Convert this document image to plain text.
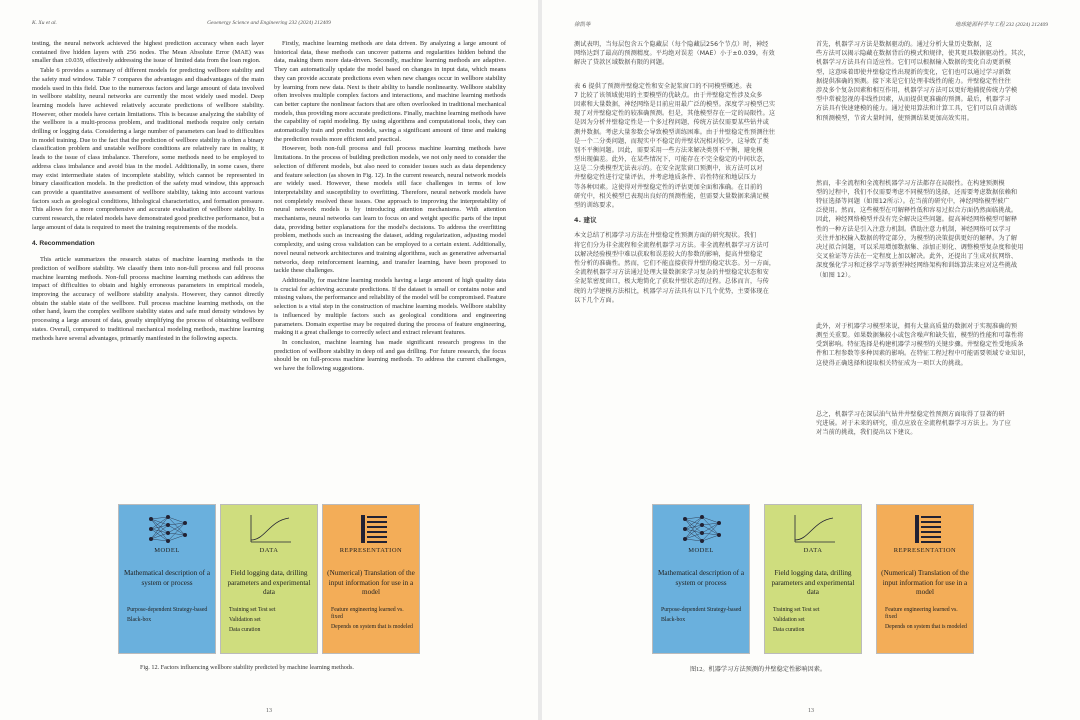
K. Xu et al.	Geoenergy Science and Engineering 232 (2024) 212409

testing, the neural network achieved the highest prediction accuracy when each layer contained five hidden layers with 256 nodes. The Mean Absolute Error (MAE) was smaller than ±0.039, effectively addressing the issue of limited data from the loan region.

Table 6 provides a summary of different models for predicting wellbore stability and the safety mud window. Table 7 compares the advantages and disadvantages of the main models used in this field. Due to the numerous factors and large amount of data involved in wellbore stability, neural networks are currently the most widely used model. Deep learning models have achieved relatively accurate predictions of wellbore stability. However, other models have certain limitations. This is because analyzing the stability of the wellbore is a multi-process problem, and traditional methods require only certain drilling or logging data. Considering a large number of parameters can lead to difficulties in model training. Due to the fact that the prediction of wellbore stability is often a binary classification problem and unstable wellbore conditions are relatively rare in reality, it leads to the issue of class imbalance. Therefore, some methods need to be employed to address class imbalance and avoid bias in the model. Additionally, in some cases, there may exist intermediate states of incomplete stability, which cannot be represented in binary classification models. In the prediction of the safety mud window, this approach can provide a quantitative assessment of wellbore stability, taking into account various factors such as geological conditions, lithological characteristics, and formation pressure. This allows for a more comprehensive and accurate evaluation of wellbore stability. In current research, the related models have demonstrated good predictive performance, but a large amount of data is required to meet the training requirements of the models.

4. Recommendation

This article summarizes the research status of machine learning methods in the prediction of wellbore stability. We classify them into non-full process and full process machine learning methods. Non-full process machine learning methods can address the impact of difficulties to obtain and highly erroneous parameters in empirical models, improving the accuracy of wellbore stability analysis. However, they cannot directly obtain the stable state of the wellbore. Full process machine learning methods, on the other hand, learn the complex wellbore stability states and safe mud density windows by processing a large amount of data, greatly simplifying the process of obtaining wellbore states. Overall, compared to traditional mechanical modeling methods, machine learning methods have several advantages, primarily manifested in the following aspects.

Firstly, machine learning methods are data driven. By analyzing a large amount of historical data, these methods can uncover patterns and regularities hidden behind the data, making them more data-driven. Secondly, machine learning methods are adaptive. They can automatically update the model based on changes in input data, which means they can provide accurate predictions even when new changes occur in wellbore stability by learning from new data. Next is their ability to handle nonlinearity. Wellbore stability often involves multiple complex factors and interactions, and machine learning methods can better capture the nonlinear factors that are often overlooked in traditional mechanical models, thus providing more accurate predictions. Finally, machine learning methods have the capability of rapid modeling. By using algorithms and computational tools, they can automatically train and predict models, saving a significant amount of time and making the prediction results more efficient and practical.

However, both non-full process and full process machine learning methods have limitations. In the process of building prediction models, we not only need to consider the selection of different models, but also need to consider issues such as data dependency and feature selection (as shown in Fig. 12). In the current research, neural network models are widely used. However, these models still face challenges in terms of low interpretability and susceptibility to overfitting. Therefore, neural network models have not completely resolved these issues. One approach to improving the interpretability of neural network models is by introducing attention mechanisms. With attention mechanisms, neural networks can learn to focus on and weight specific parts of the input data, providing better explanations for the model's decisions. To address the overfitting problem, methods such as increasing the dataset, adding regularization, adjusting model complexity, and using cross validation can be employed to a certain extent. Additionally, novel neural network architectures and training algorithms, such as generative adversarial networks, deep reinforcement learning, and transfer learning, have been proposed to tackle these challenges.

Additionally, for machine learning models having a large amount of high quality data is crucial for achieving accurate predictions. If the dataset is small or contains noise and missing values, the performance and reliability of the model will be compromised. Feature selection is a vital step in the construction of machine learning models. Wellbore stability is influenced by multiple factors such as geological conditions and engineering parameters. Domain expertise may be required during the process of feature engineering, making it a great challenge to correctly select and extract relevant features.

In conclusion, machine learning has made significant research progress in the prediction of wellbore stability in deep oil and gas drilling. For future research, the focus should be on full-process machine learning methods. To address the current challenges, we have the following suggestions.

MODEL
Mathematical description of a system or process
Purpose-dependent Strategy-based
Black-box
DATA
Field logging data, drilling parameters and experimental data
Training set Test set
Validation set
Data curation
REPRESENTATION
(Numerical) Translation of the input information for use in a model
Feature engineering learned vs. fixed
Depends on system that is modeled
Fig. 12. Factors influencing wellbore stability predicted by machine learning methods.
13
徐凯等	地球能源科学与工程 232 (2024) 212409
测试表明，当每层包含五个隐藏层（每个隐藏层256个节点）时，神经
网络达到了最高的预测精度。平均绝对误差（MAE）小于±0.039，有效
解决了贷款区域数据有限的问题。
表 6 提供了预测井壁稳定性和安全泥浆窗口的不同模型概述。表
7 比较了该领域使用的主要模型的优缺点。由于井壁稳定性涉及众多
因素和大量数据，神经网络是目前应用最广泛的模型。深度学习模型已实
现了对井壁稳定性的较准确预测。但是，其他模型存在一定的局限性。这
是因为分析井壁稳定性是一个多过程问题，传统方法仅需要某些钻井或
测井数据。考虑大量参数会导致模型训练困难。由于井壁稳定性预测往往
是一个二分类问题，而现实中不稳定的井壁状况相对较少，这导致了类
别不平衡问题。因此，需要采用一些方法来解决类别不平衡，避免模
型出现偏差。此外，在某些情况下，可能存在不完全稳定的中间状态，
这是二分类模型无法表示的。在安全泥浆窗口预测中，该方法可以对
井壁稳定性进行定量评估，并考虑地质条件、岩性特征和地层压力
等各种因素。这使得对井壁稳定性的评估更加全面和准确。在目前的
研究中，相关模型已表现出良好的预测性能，但需要大量数据来满足模
型的训练要求。
4. 建议
本文总结了机器学习方法在井壁稳定性预测方面的研究现状。我们
将它们分为非全流程和全流程机器学习方法。非全流程机器学习方法可
以解决经验模型中难以获取和误差较大的参数的影响，提高井壁稳定
性分析的准确性。然而，它们不能直接获得井壁的稳定状态。另一方面，
全流程机器学习方法通过处理大量数据来学习复杂的井壁稳定状态和安
全泥浆密度窗口，极大地简化了获取井壁状态的过程。总体而言，与传
统的力学建模方法相比，机器学习方法具有以下几个优势，主要体现在
以下几个方面。
首先，机器学习方法是数据驱动的。通过分析大量历史数据，这
些方法可以揭示隐藏在数据背后的模式和规律，使其更具数据驱动性。其次，
机器学习方法具有自适应性。它们可以根据输入数据的变化自动更新模
型，这意味着即使井壁稳定性出现新的变化，它们也可以通过学习新数
据提供准确的预测。接下来是它们处理非线性的能力。井壁稳定性往往
涉及多个复杂因素和相互作用，机器学习方法可以更好地捕捉传统力学模
型中常被忽视的非线性因素，从而提供更准确的预测。最后，机器学习
方法具有快速建模的能力。通过使用算法和计算工具，它们可以自动训练
和预测模型，节省大量时间，使预测结果更加高效实用。
然而，非全流程和全流程机器学习方法都存在局限性。在构建预测模
型的过程中，我们不仅需要考虑不同模型的选择，还需要考虑数据依赖和
特征选择等问题（如图12所示）。在当前的研究中，神经网络模型被广
泛使用。然而，这些模型在可解释性低和容易过拟合方面仍然面临挑战。
因此，神经网络模型并没有完全解决这些问题。提高神经网络模型可解释
性的一种方法是引入注意力机制。借助注意力机制，神经网络可以学习
关注并加权输入数据的特定部分，为模型的决策提供更好的解释。为了解
决过拟合问题，可以采用增加数据集、添加正则化、调整模型复杂度和使用
交叉验证等方法在一定程度上加以解决。此外，还提出了生成对抗网络、
深度强化学习和迁移学习等新型神经网络架构和训练算法来应对这些挑战
（如图 12）。
此外，对于机器学习模型来说，拥有大量高质量的数据对于实现准确的预
测至关重要。如果数据集较小或包含噪声和缺失值，模型的性能和可靠性将
受到影响。特征选择是构建机器学习模型的关键步骤。井壁稳定性受地质条
件和工程参数等多种因素的影响。在特征工程过程中可能需要领域专业知识，
这使得正确选择和提取相关特征成为一项巨大的挑战。
总之，机器学习在深层油气钻井井壁稳定性预测方面取得了显著的研
究进展。对于未来的研究，重点应放在全流程机器学习方法上。为了应
对当前的挑战，我们提出以下建议。
MODEL
Mathematical description of a system or process
Purpose-dependent Strategy-based
Black-box
DATA
Field logging data, drilling parameters and experimental data
Training set Test set
Validation set
Data curation
REPRESENTATION
(Numerical) Translation of the input information for use in a model
Feature engineering learned vs. fixed
Depends on system that is modeled
图12。机器学习方法预测的井壁稳定性影响因素。
13
